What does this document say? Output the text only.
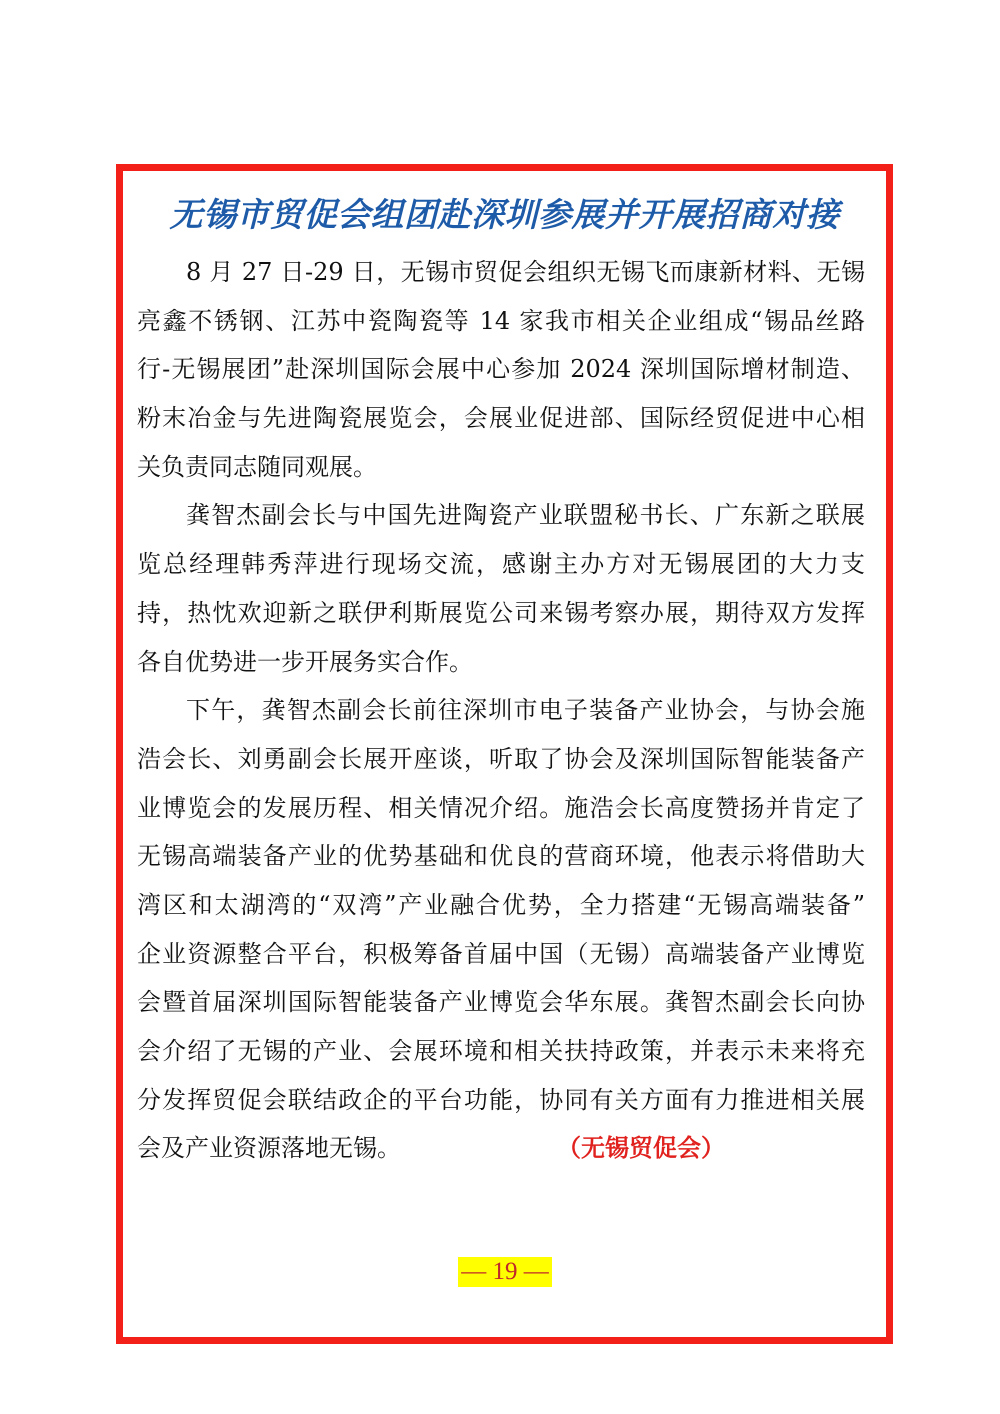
无锡市贸促会组团赴深圳参展并开展招商对接
8 月 27 日-29 日，无锡市贸促会组织无锡飞而康新材料、无锡
亮鑫不锈钢、江苏中瓷陶瓷等 14 家我市相关企业组成“锡品丝路
行-无锡展团”赴深圳国际会展中心参加 2024 深圳国际增材制造、
粉末冶金与先进陶瓷展览会，会展业促进部、国际经贸促进中心相
关负责同志随同观展。
龚智杰副会长与中国先进陶瓷产业联盟秘书长、广东新之联展
览总经理韩秀萍进行现场交流，感谢主办方对无锡展团的大力支
持，热忱欢迎新之联伊利斯展览公司来锡考察办展，期待双方发挥
各自优势进一步开展务实合作。
下午，龚智杰副会长前往深圳市电子装备产业协会，与协会施
浩会长、刘勇副会长展开座谈，听取了协会及深圳国际智能装备产
业博览会的发展历程、相关情况介绍。施浩会长高度赞扬并肯定了
无锡高端装备产业的优势基础和优良的营商环境，他表示将借助大
湾区和太湖湾的“双湾”产业融合优势，全力搭建“无锡高端装备”
企业资源整合平台，积极筹备首届中国（无锡）高端装备产业博览
会暨首届深圳国际智能装备产业博览会华东展。龚智杰副会长向协
会介绍了无锡的产业、会展环境和相关扶持政策，并表示未来将充
分发挥贸促会联结政企的平台功能，协同有关方面有力推进相关展
会及产业资源落地无锡。	（无锡贸促会）
— 19 —
